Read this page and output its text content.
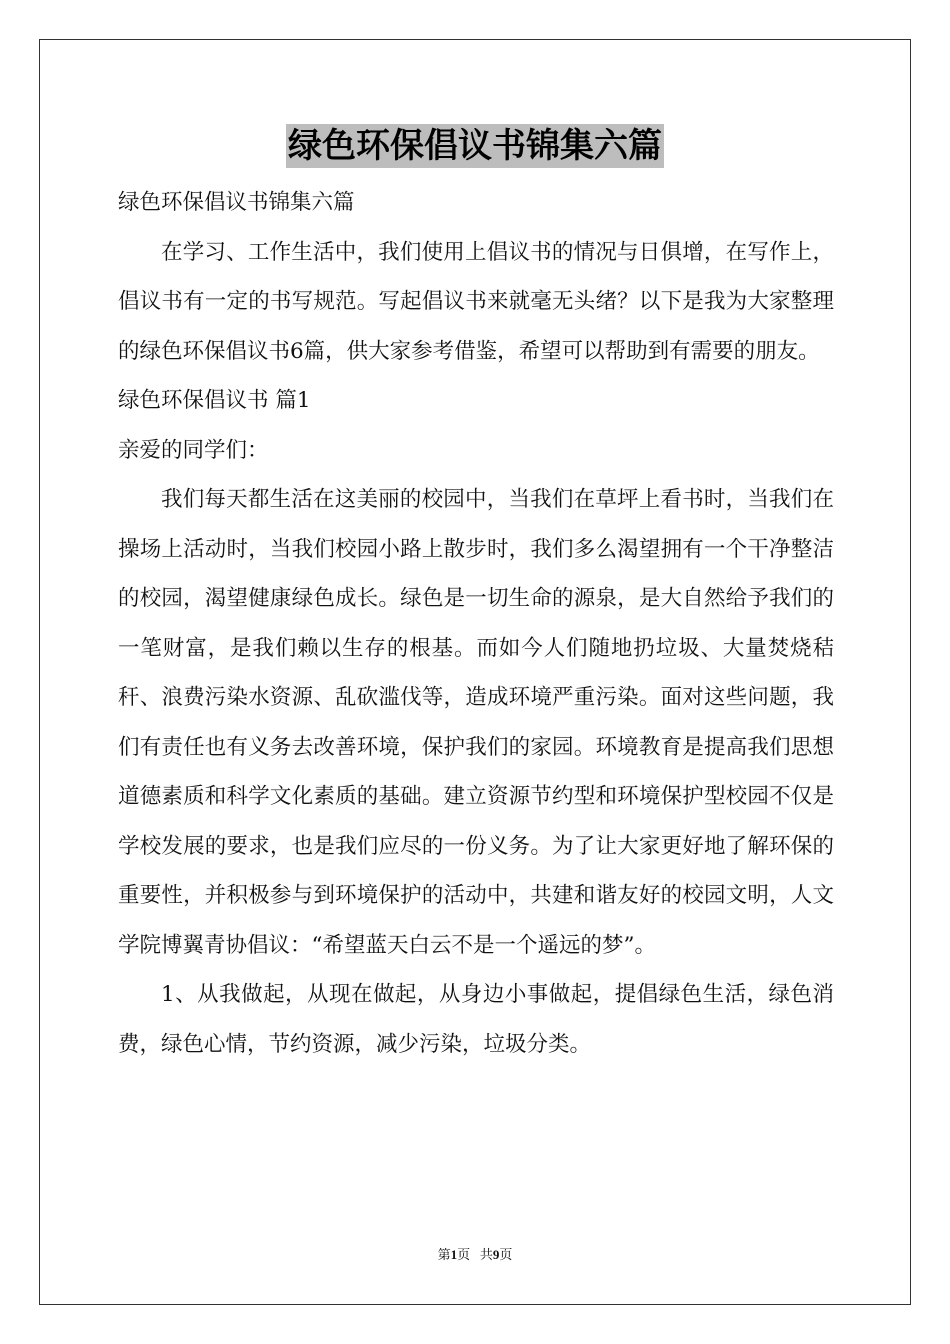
绿色环保倡议书锦集六篇

绿色环保倡议书锦集六篇

在学习、工作生活中，我们使用上倡议书的情况与日俱增，在写作上，倡议书有一定的书写规范。写起倡议书来就毫无头绪？以下是我为大家整理的绿色环保倡议书6篇，供大家参考借鉴，希望可以帮助到有需要的朋友。

绿色环保倡议书 篇1

亲爱的同学们：

我们每天都生活在这美丽的校园中，当我们在草坪上看书时，当我们在操场上活动时，当我们校园小路上散步时，我们多么渴望拥有一个干净整洁的校园，渴望健康绿色成长。绿色是一切生命的源泉，是大自然给予我们的一笔财富，是我们赖以生存的根基。而如今人们随地扔垃圾、大量焚烧秸秆、浪费污染水资源、乱砍滥伐等，造成环境严重污染。面对这些问题，我们有责任也有义务去改善环境，保护我们的家园。环境教育是提高我们思想道德素质和科学文化素质的基础。建立资源节约型和环境保护型校园不仅是学校发展的要求，也是我们应尽的一份义务。为了让大家更好地了解环保的重要性，并积极参与到环境保护的活动中，共建和谐友好的校园文明，人文学院博翼青协倡议：“希望蓝天白云不是一个遥远的梦”。

1、从我做起，从现在做起，从身边小事做起，提倡绿色生活，绿色消费，绿色心情，节约资源，减少污染，垃圾分类。

第1页 共9页
